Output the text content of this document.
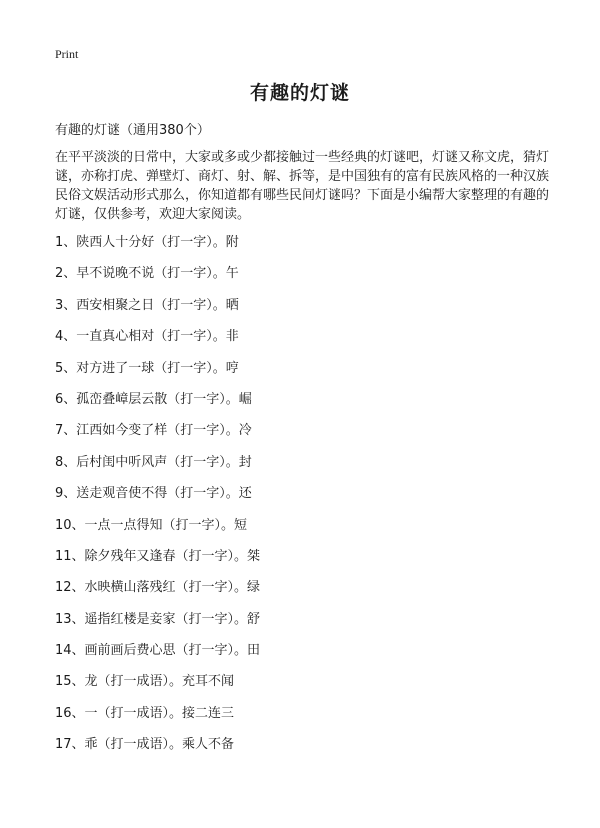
Print
有趣的灯谜

有趣的灯谜（通用380个）

在平平淡淡的日常中，大家或多或少都接触过一些经典的灯谜吧，灯谜又称文虎，猜灯谜，亦称打虎、弹壁灯、商灯、射、解、拆等，是中国独有的富有民族风格的一种汉族民俗文娱活动形式那么，你知道都有哪些民间灯谜吗？下面是小编帮大家整理的有趣的灯谜，仅供参考，欢迎大家阅读。

1、陕西人十分好（打一字）。附
2、早不说晚不说（打一字）。午
3、西安相聚之日（打一字）。晒
4、一直真心相对（打一字）。非
5、对方进了一球（打一字）。哼
6、孤峦叠嶂层云散（打一字）。崛
7、江西如今变了样（打一字）。冷
8、后村闺中听风声（打一字）。封
9、送走观音使不得（打一字）。还
10、一点一点得知（打一字）。短
11、除夕残年又逢春（打一字）。桀
12、水映横山落残红（打一字）。绿
13、遥指红楼是妾家（打一字）。舒
14、画前画后费心思（打一字）。田
15、龙（打一成语）。充耳不闻
16、一（打一成语）。接二连三
17、乖（打一成语）。乘人不备
